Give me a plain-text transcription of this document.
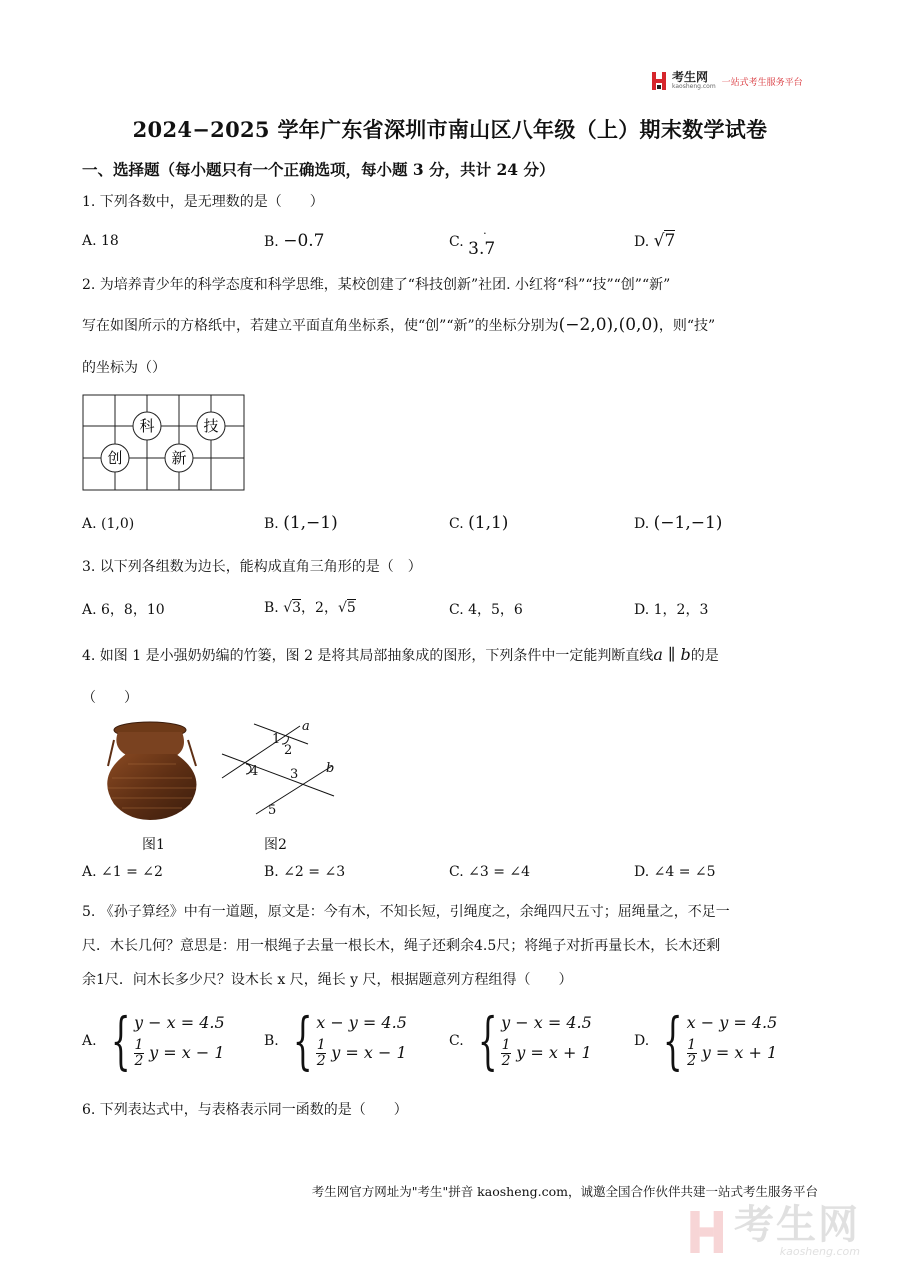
考生网
kaosheng.com 一站式考生服务平台
2024−2025 学年广东省深圳市南山区八年级（上）期末数学试卷
一、选择题（每小题只有一个正确选项，每小题 3 分，共计 24 分）
1. 下列各数中，是无理数的是（　　）
A. 18	B. −0.7	C.
·
3.7	D. √7
2. 为培养青少年的科学态度和科学思维，某校创建了“科技创新”社团. 小红将“科”“技”“创”“新”
写在如图所示的方格纸中，若建立平面直角坐标系，使“创”“新”的坐标分别为(−2,0),(0,0)，则“技”
的坐标为（）
科	技
创	新
A. (1,0)	B. (1,−1)	C. (1,1)	D. (−1,−1)
3. 以下列各组数为边长，能构成直角三角形的是（　）
A. 6，8，10	B. √3，2，√5	C. 4，5，6	D. 1，2，3
4. 如图 1 是小强奶奶编的竹篓，图 2 是将其局部抽象成的图形，下列条件中一定能判断直线a ∥ b的是
（　　）
a
b
1
2
3
4
5
图1	图2
A. ∠1 = ∠2	B. ∠2 = ∠3	C. ∠3 = ∠4	D. ∠4 = ∠5
5. 《孙子算经》中有一道题，原文是：今有木，不知长短，引绳度之，余绳四尺五寸；屈绳量之，不足一
尺．木长几何？意思是：用一根绳子去量一根长木，绳子还剩余4.5尺；将绳子对折再量长木，长木还剩
余1尺．问木长多少尺？设木长 x 尺，绳长 y 尺，根据题意列方程组得（　　）
A. { y − x = 4.5
$\frac{1}{2}$ y = x − 1
B. { x − y = 4.5
$\frac{1}{2}$ y = x − 1
C. { y − x = 4.5
$\frac{1}{2}$ y = x + 1
D. { x − y = 4.5
$\frac{1}{2}$ y = x + 1
6. 下列表达式中，与表格表示同一函数的是（　　）
考生网官方网址为"考生"拼音 kaosheng.com，诚邀全国合作伙伴共建一站式考生服务平台
考生网
kaosheng.com
